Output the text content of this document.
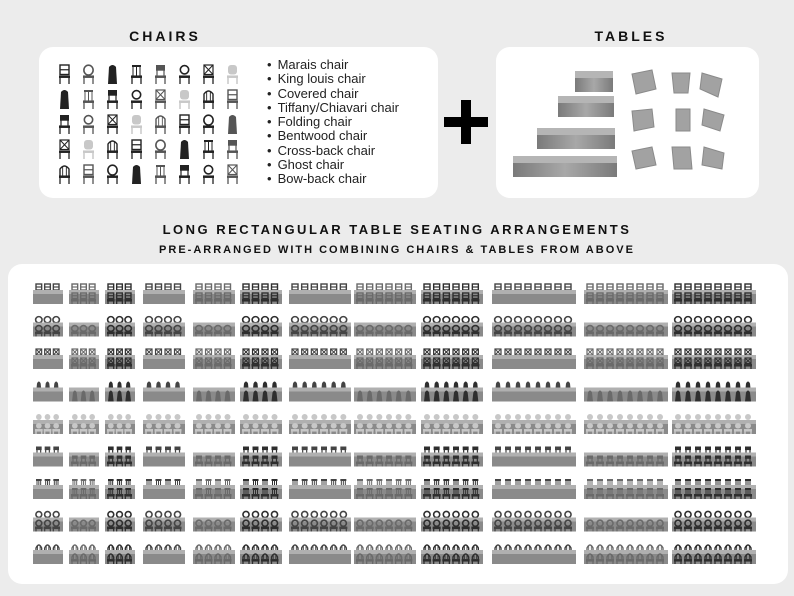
CHAIRS
• Marais chair
• King louis chair
• Covered chair
• Tiffany/Chiavari chair
• Folding chair
• Bentwood chair
• Cross-back chair
• Ghost chair
• Bow-back chair
TABLES
LONG RECTANGULAR TABLE SEATING ARRANGEMENTS
PRE-ARRANGED WITH COMBINING CHAIRS & TABLES FROM ABOVE
